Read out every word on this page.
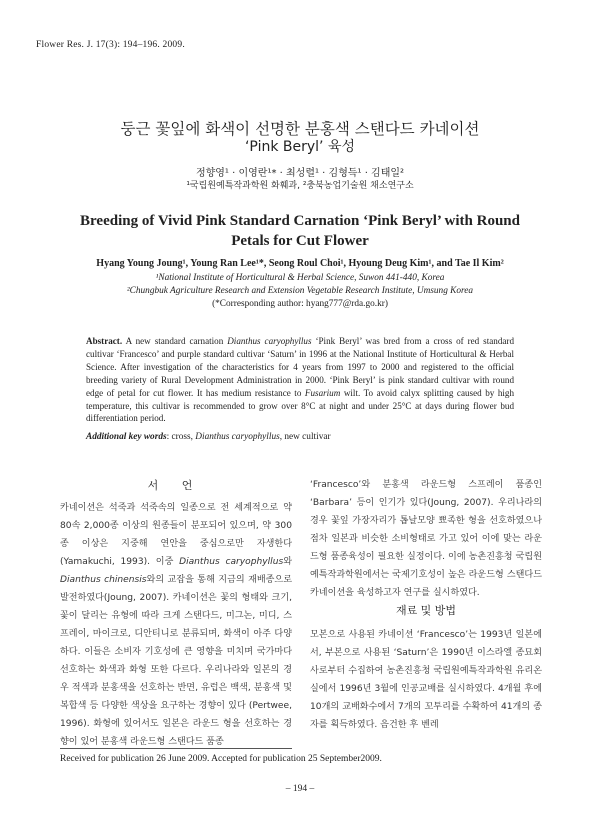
Flower Res. J. 17(3): 194–196. 2009.
둥근 꽃잎에 화색이 선명한 분홍색 스탠다드 카네이션
‘Pink Beryl’ 육성
정향영¹ · 이영란¹* · 최성렬¹ · 김형득¹ · 김태일²
¹국립원예특작과학원 화훼과, ²충북농업기술원 채소연구소
Breeding of Vivid Pink Standard Carnation ‘Pink Beryl’ with Round
Petals for Cut Flower
Hyang Young Joung¹, Young Ran Lee¹*, Seong Roul Choi¹, Hyoung Deug Kim¹, and Tae Il Kim²
¹National Institute of Horticultural & Herbal Science, Suwon 441-440, Korea
²Chungbuk Agriculture Research and Extension Vegetable Research Institute, Umsung Korea
(*Corresponding author: hyang777@rda.go.kr)
Abstract. A new standard carnation Dianthus caryophyllus ‘Pink Beryl’ was bred from a cross of red standard cultivar ‘Francesco’ and purple standard cultivar ‘Saturn’ in 1996 at the National Institute of Horticultural & Herbal Science. After investigation of the characteristics for 4 years from 1997 to 2000 and registered to the official breeding variety of Rural Development Administration in 2000. ‘Pink Beryl’ is pink standard cultivar with round edge of petal for cut flower. It has medium resistance to Fusarium wilt. To avoid calyx splitting caused by high temperature, this cultivar is recommended to grow over 8°C at night and under 25°C at days during flower bud differentiation period.
Additional key words: cross, Dianthus caryophyllus, new cultivar
서 언
카네이션은 석죽과 석죽속의 일종으로 전 세계적으로 약 80속 2,000종 이상의 원종들이 분포되어 있으며, 약 300종 이상은 지중해 연안을 중심으로만 자생한다 (Yamakuchi, 1993). 이중 Dianthus caryophyllus와 Dianthus chinensis와의 교잡을 통해 지금의 재배종으로 발전하였다(Joung, 2007). 카네이션은 꽃의 형태와 크기, 꽃이 달리는 유형에 따라 크게 스탠다드, 미그논, 미디, 스프레이, 마이크로, 디안티니로 분류되며, 화색이 아주 다양하다. 이들은 소비자 기호성에 큰 영향을 미치며 국가마다 선호하는 화색과 화형 또한 다르다. 우리나라와 일본의 경우 적색과 분홍색을 선호하는 반면, 유럽은 백색, 분홍색 및 복합색 등 다양한 색상을 요구하는 경향이 있다 (Pertwee, 1996). 화형에 있어서도 일본은 라운드 형을 선호하는 경향이 있어 분홍색 라운드형 스탠다드 품종
‘Francesco’와 분홍색 라운드형 스프레이 품종인 ‘Barbara’ 등이 인기가 있다(Joung, 2007). 우리나라의 경우 꽃잎 가장자리가 톱날모양 뾰족한 형을 선호하였으나 점차 일본과 비슷한 소비형태로 가고 있어 이에 맞는 라운드형 품종육성이 필요한 실정이다. 이에 농촌진흥청 국립원예특작과학원에서는 국제기호성이 높은 라운드형 스탠다드 카네이션을 육성하고자 연구를 실시하였다.
재료 및 방법
모본으로 사용된 카네이션 ‘Francesco’는 1993년 일본에서, 부본으로 사용된 ‘Saturn’은 1990년 이스라엘 종묘회사로부터 수집하여 농촌진흥청 국립원예특작과학원 유리온실에서 1996년 3월에 인공교배를 실시하였다. 4개월 후에 10개의 교배화수에서 7개의 꼬투리를 수확하여 41개의 종자를 획득하였다. 음건한 후 벤레
Received for publication 26 June 2009. Accepted for publication 25 September2009.
– 194 –
